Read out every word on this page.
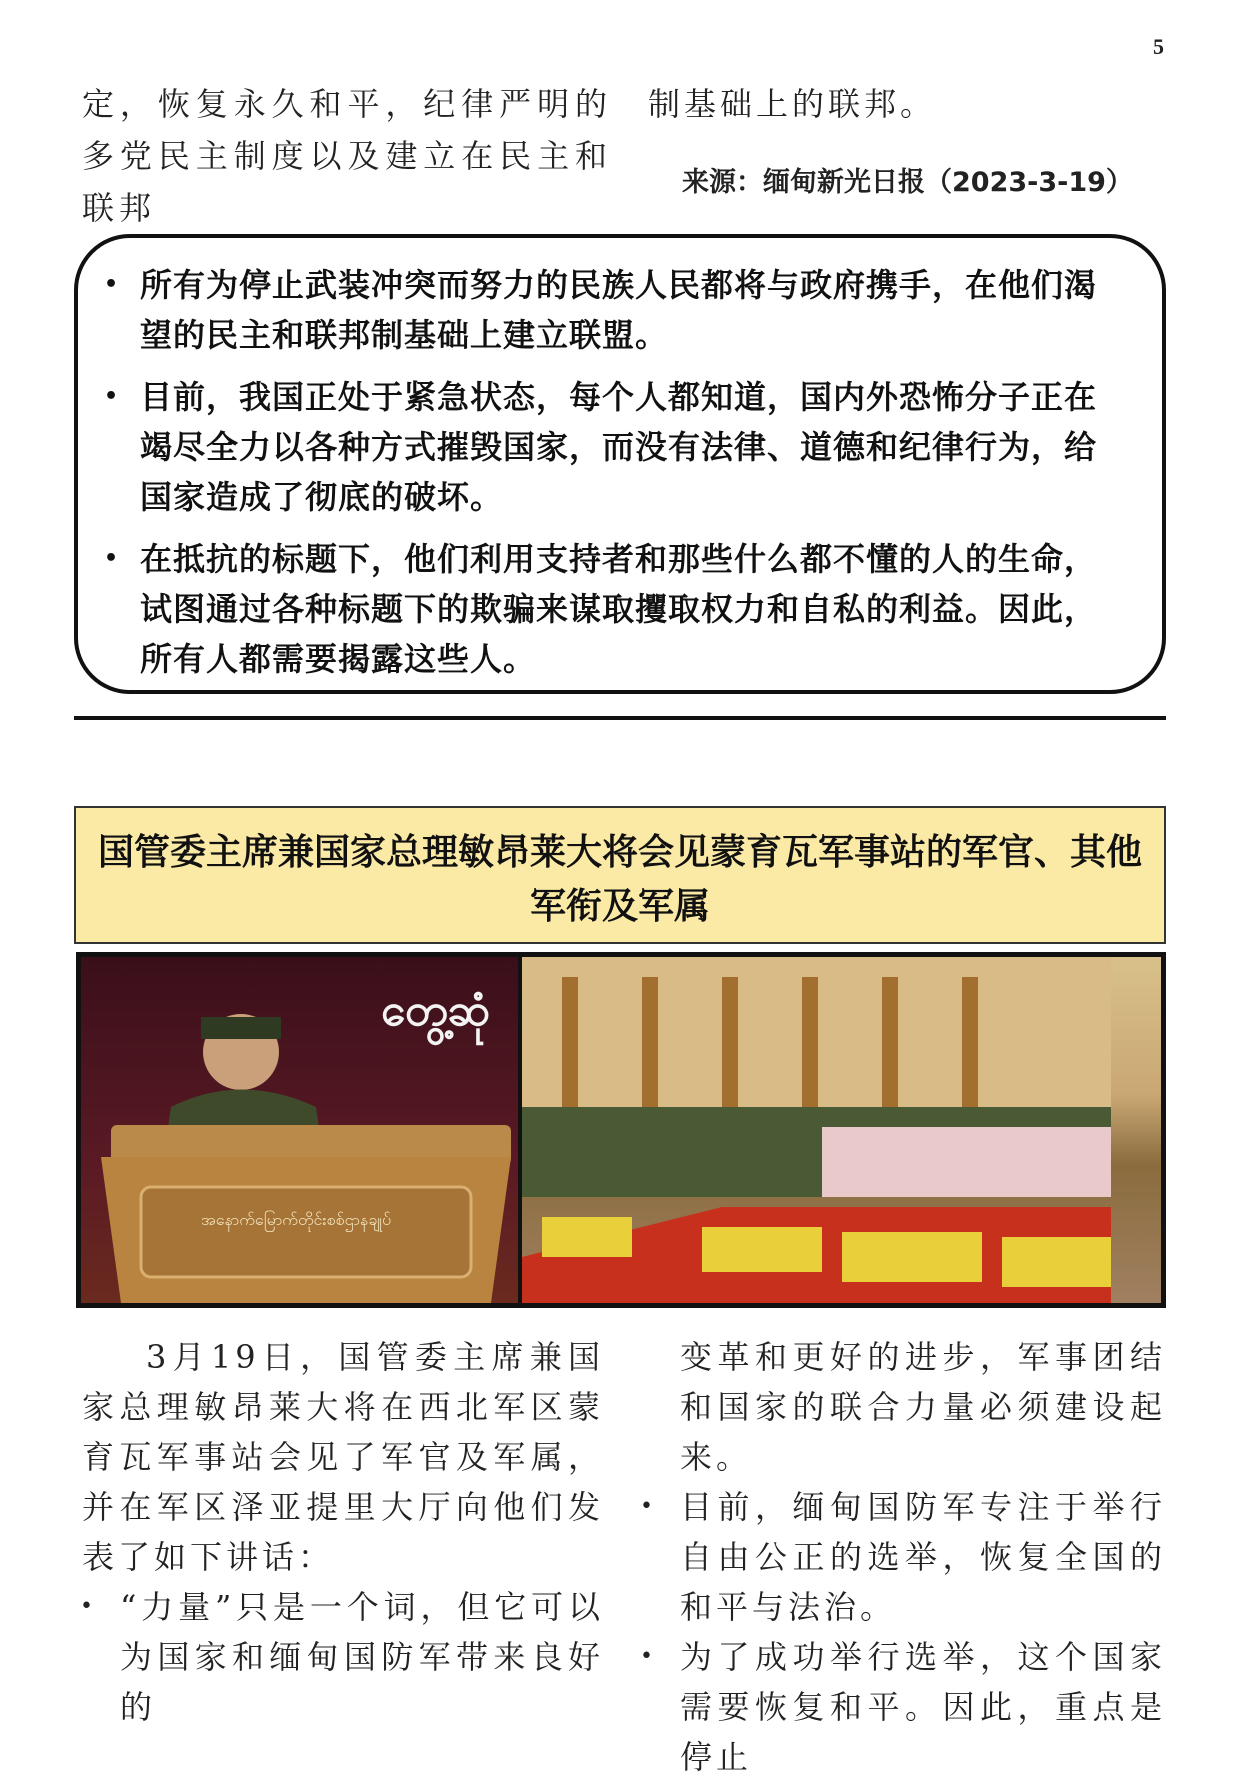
5
定，恢复永久和平，纪律严明的多党民主制度以及建立在民主和联邦
制基础上的联邦。
来源：缅甸新光日报（2023-3-19）
• 所有为停止武装冲突而努力的民族人民都将与政府携手，在他们渴望的民主和联邦制基础上建立联盟。
• 目前，我国正处于紧急状态，每个人都知道，国内外恐怖分子正在竭尽全力以各种方式摧毁国家，而没有法律、道德和纪律行为，给国家造成了彻底的破坏。
• 在抵抗的标题下，他们利用支持者和那些什么都不懂的人的生命，试图通过各种标题下的欺骗来谋取攫取权力和自私的利益。因此，所有人都需要揭露这些人。
国管委主席兼国家总理敏昂莱大将会见蒙育瓦军事站的军官、其他军衔及军属
တွေ့ဆုံ
အနောက်မြောက်တိုင်းစစ်ဌာနချုပ်
3月19日，国管委主席兼国家总理敏昂莱大将在西北军区蒙育瓦军事站会见了军官及军属，并在军区泽亚提里大厅向他们发表了如下讲话：
• “力量”只是一个词，但它可以为国家和缅甸国防军带来良好的
变革和更好的进步，军事团结和国家的联合力量必须建设起来。
• 目前，缅甸国防军专注于举行自由公正的选举，恢复全国的和平与法治。
• 为了成功举行选举，这个国家需要恢复和平。因此，重点是停止
